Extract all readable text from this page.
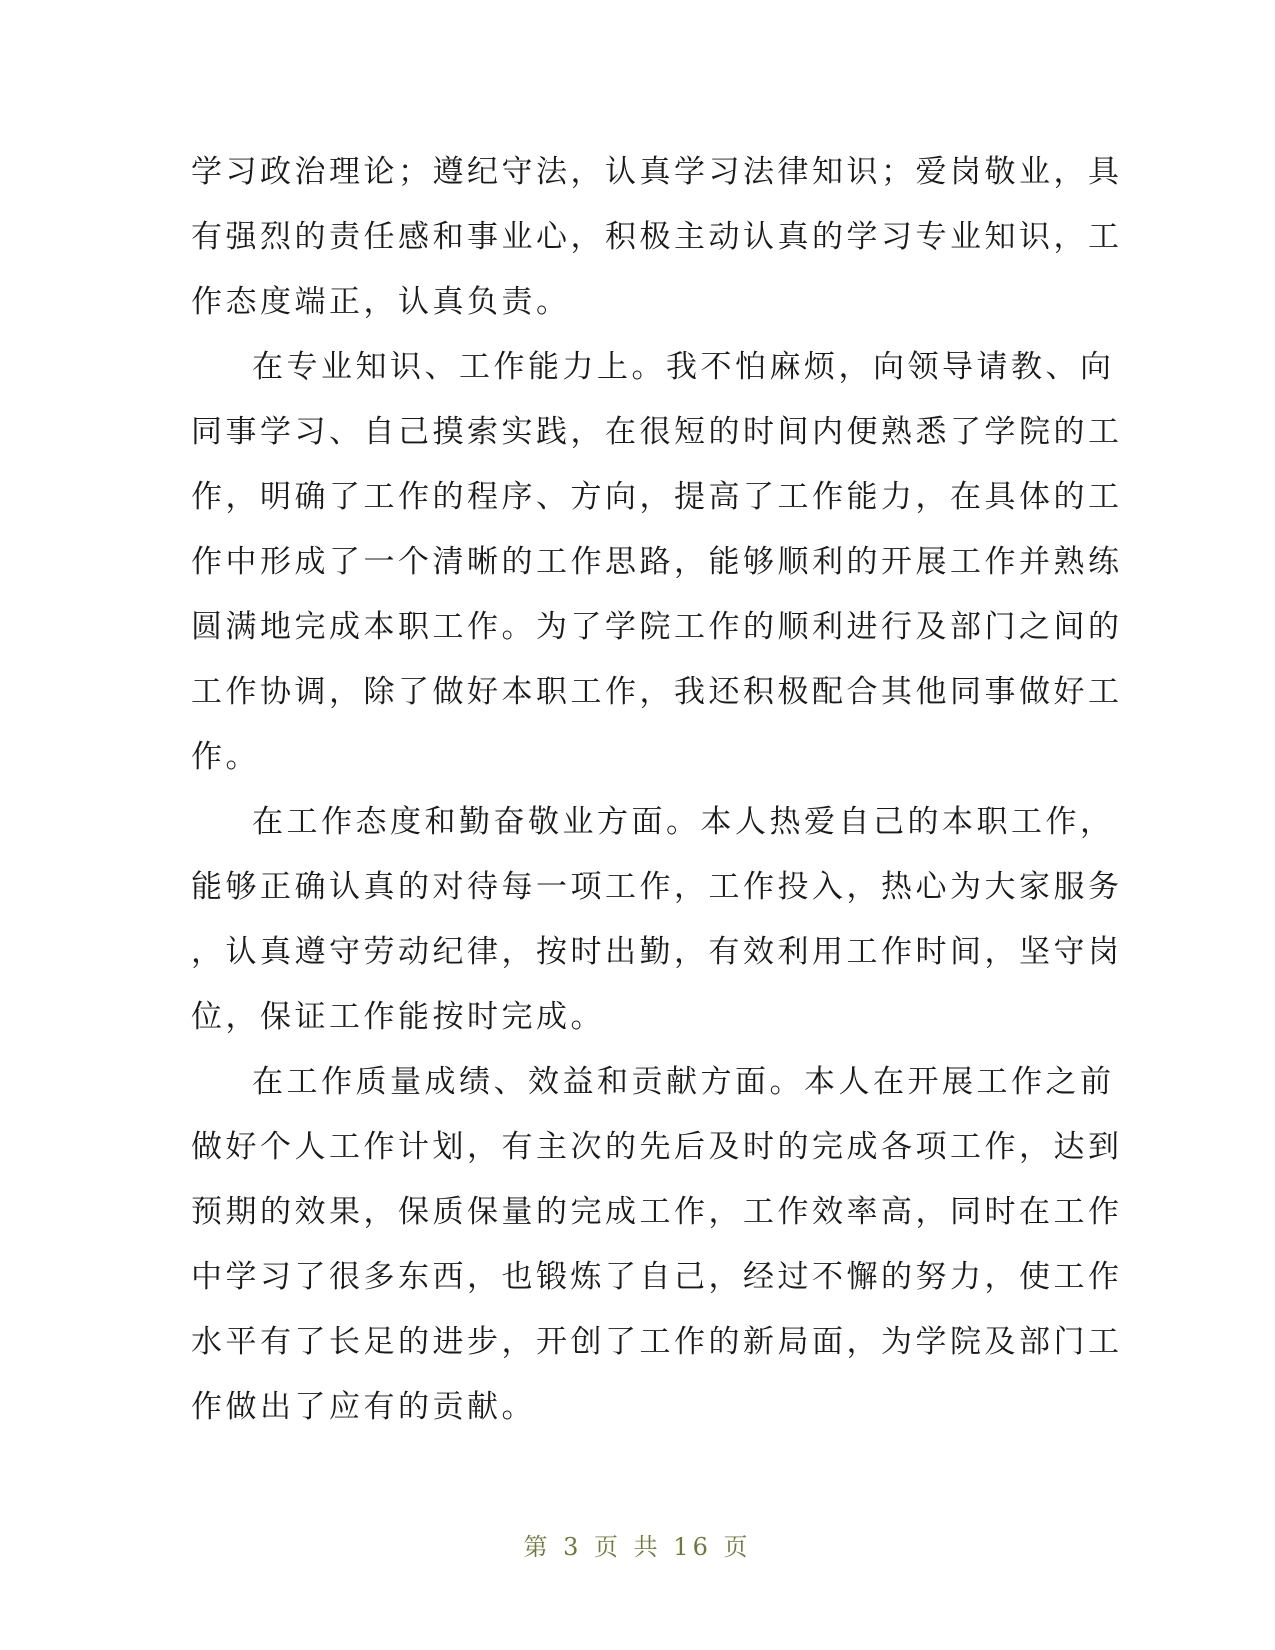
学习政治理论；遵纪守法，认真学习法律知识；爱岗敬业，具
有强烈的责任感和事业心，积极主动认真的学习专业知识，工
作态度端正，认真负责。
在专业知识、工作能力上。我不怕麻烦，向领导请教、向
同事学习、自己摸索实践，在很短的时间内便熟悉了学院的工
作，明确了工作的程序、方向，提高了工作能力，在具体的工
作中形成了一个清晰的工作思路，能够顺利的开展工作并熟练
圆满地完成本职工作。为了学院工作的顺利进行及部门之间的
工作协调，除了做好本职工作，我还积极配合其他同事做好工
作。
在工作态度和勤奋敬业方面。本人热爱自己的本职工作，
能够正确认真的对待每一项工作，工作投入，热心为大家服务
，认真遵守劳动纪律，按时出勤，有效利用工作时间，坚守岗
位，保证工作能按时完成。
在工作质量成绩、效益和贡献方面。本人在开展工作之前
做好个人工作计划，有主次的先后及时的完成各项工作，达到
预期的效果，保质保量的完成工作，工作效率高，同时在工作
中学习了很多东西，也锻炼了自己，经过不懈的努力，使工作
水平有了长足的进步，开创了工作的新局面，为学院及部门工
作做出了应有的贡献。
第 3 页 共 16 页
